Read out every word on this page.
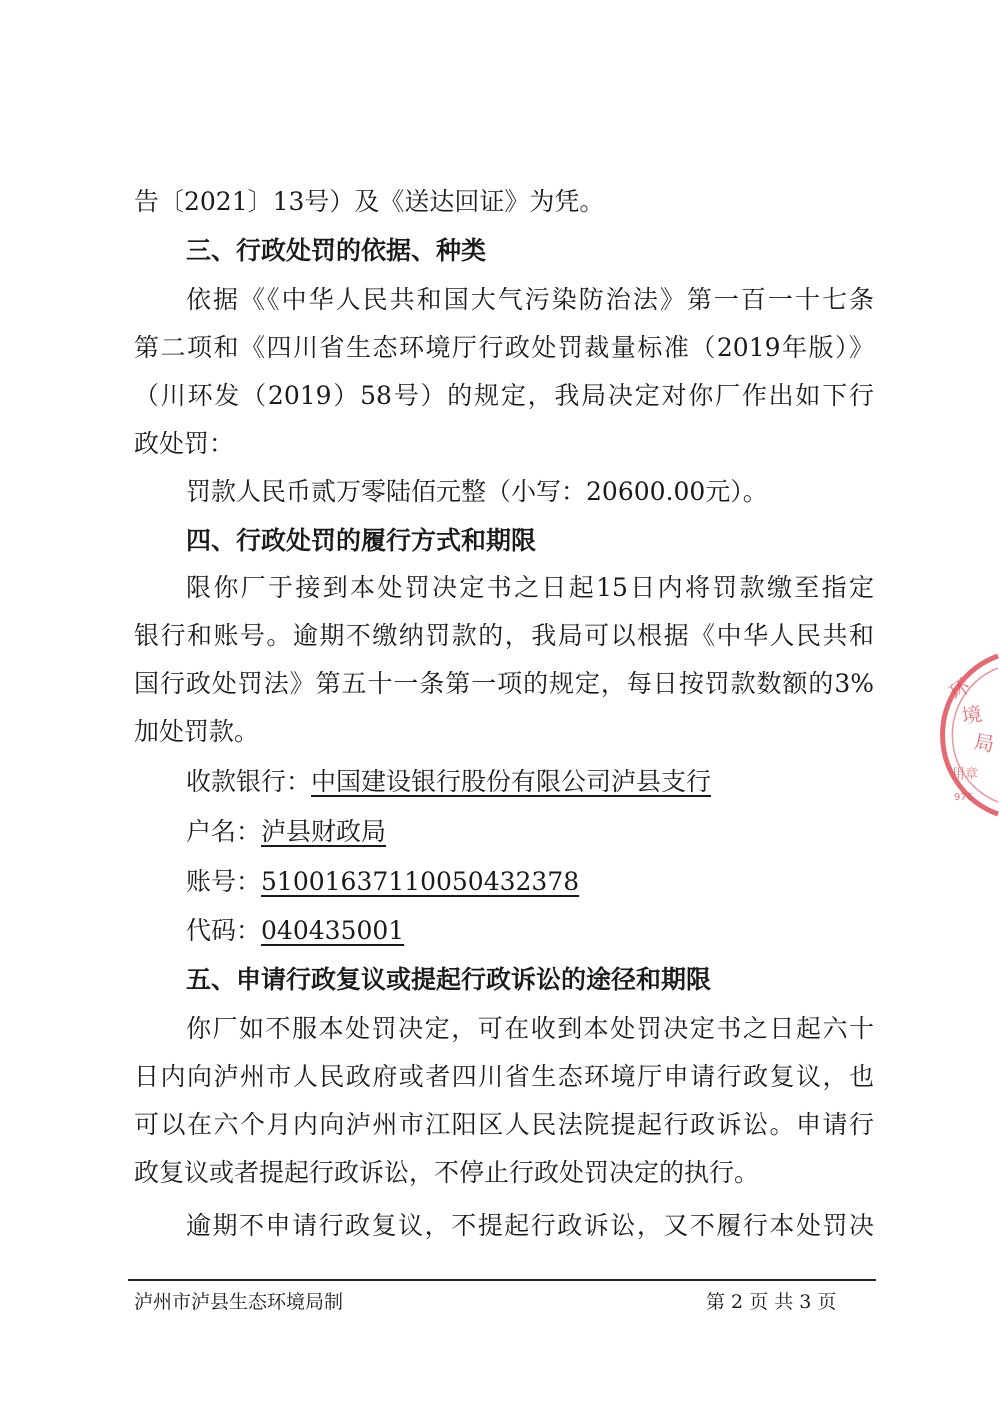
告〔2021〕13号）及《送达回证》为凭。
三、行政处罚的依据、种类
依据《《中华人民共和国大气污染防治法》第一百一十七条
第二项和《四川省生态环境厅行政处罚裁量标准（2019年版）》
（川环发（2019）58号）的规定，我局决定对你厂作出如下行
政处罚：
罚款人民币贰万零陆佰元整（小写：20600.00元）。
四、行政处罚的履行方式和期限
限你厂于接到本处罚决定书之日起15日内将罚款缴至指定
银行和账号。逾期不缴纳罚款的，我局可以根据《中华人民共和
国行政处罚法》第五十一条第一项的规定，每日按罚款数额的3%
加处罚款。
收款银行：中国建设银行股份有限公司泸县支行
户名：泸县财政局
账号：51001637110050432378
代码：040435001
五、申请行政复议或提起行政诉讼的途径和期限
你厂如不服本处罚决定，可在收到本处罚决定书之日起六十
日内向泸州市人民政府或者四川省生态环境厅申请行政复议，也
可以在六个月内向泸州市江阳区人民法院提起行政诉讼。申请行
政复议或者提起行政诉讼，不停止行政处罚决定的执行。
逾期不申请行政复议，不提起行政诉讼，又不履行本处罚决
环
境
局
用章
976
泸州市泸县生态环境局制	第 2 页 共 3 页
